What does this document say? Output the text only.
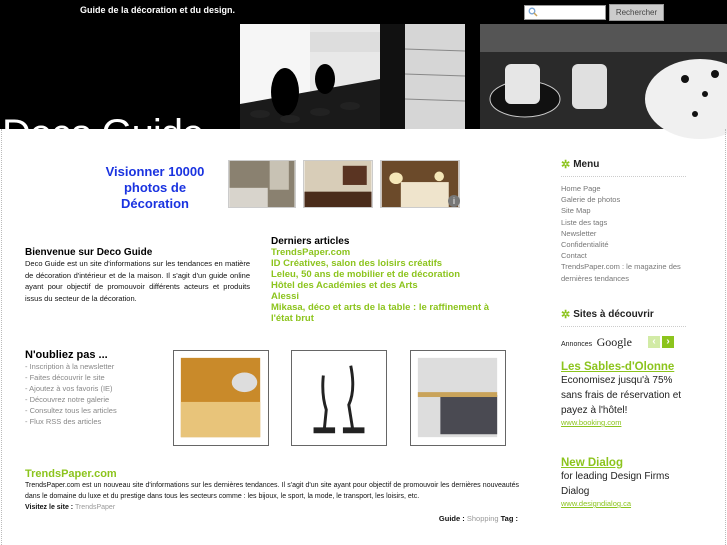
Guide de la décoration et du design.	Rechercher
Deco Guide
Visionner 10000 photos de Décoration	i
Bienvenue sur Deco Guide

Deco Guide est un site d'informations sur les tendances en matière de décoration d'intérieur et de la maison. Il s'agit d'un guide online ayant pour objectif de promouvoir différents acteurs et produits issus du secteur de la décoration.

Derniers articles
TrendsPaper.com
ID Créatives, salon des loisirs créatifs
Leleu, 50 ans de mobilier et de décoration
Hôtel des Académies et des Arts
Alessi
Mikasa, déco et arts de la table : le raffinement à l'état brut
N'oubliez pas ...
- Inscription à la newsletter
- Faites découvrir le site
- Ajoutez à vos favoris (IE)
- Découvrez notre galerie
- Consultez tous les articles
- Flux RSS des articles
TrendsPaper.com

TrendsPaper.com est un nouveau site d'informations sur les dernières tendances. Il s'agit d'un site ayant pour objectif de promouvoir les dernières nouveautés dans le domaine du luxe et du prestige dans tous les secteurs comme : les bijoux, le sport, la mode, le transport, les loisirs, etc.
Visitez le site : TrendsPaper

Guide : Shopping Tag :
✲ Menu
Home Page
Galerie de photos
Site Map
Liste des tags
Newsletter
Confidentialité
Contact
TrendsPaper.com : le magazine des dernières tendances
✲ Sites à découvrir
Annonces Google	‹	›
Les Sables-d'Olonne
Economisez jusqu'à 75% sans frais de réservation et payez à l'hôtel!
www.booking.com
New Dialog
for leading Design Firms Dialog
www.designdialog.ca
